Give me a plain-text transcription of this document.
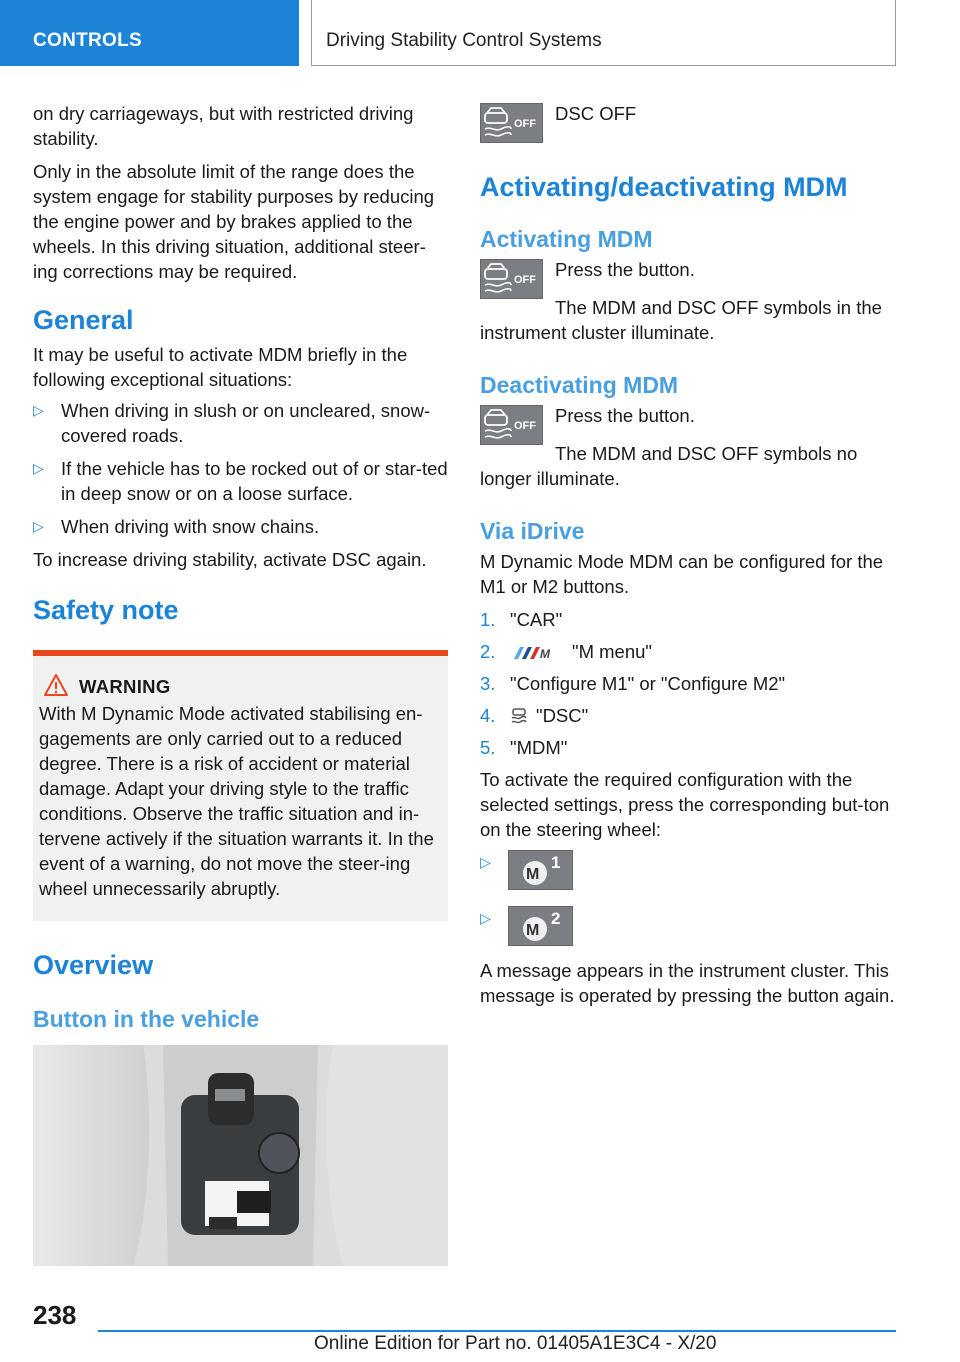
CONTROLS	Driving Stability Control Systems

on dry carriageways, but with restricted driving stability.

Only in the absolute limit of the range does the system engage for stability purposes by reducing the engine power and by brakes applied to the wheels. In this driving situation, additional steer-ing corrections may be required.

General

It may be useful to activate MDM briefly in the following exceptional situations:

▷ When driving in slush or on uncleared, snow-covered roads.
▷ If the vehicle has to be rocked out of or star-ted in deep snow or on a loose surface.
▷ When driving with snow chains.

To increase driving stability, activate DSC again.

Safety note
WARNING
With M Dynamic Mode activated stabilising en-gagements are only carried out to a reduced degree. There is a risk of accident or material damage. Adapt your driving style to the traffic conditions. Observe the traffic situation and in-tervene actively if the situation warrants it. In the event of a warning, do not move the steer-ing wheel unnecessarily abruptly.
Overview
Button in the vehicle
OFF DSC OFF
Activating/deactivating MDM
Activating MDM
OFF Press the button.

The MDM and DSC OFF symbols in the instrument cluster illuminate.

Deactivating MDM
OFF Press the button.

The MDM and DSC OFF symbols no longer illuminate.

Via iDrive

M Dynamic Mode MDM can be configured for the M1 or M2 buttons.

1. "CAR"
2.	M "M menu"
3. "Configure M1" or "Configure M2"
4. "DSC"
5. "MDM"

To activate the required configuration with the selected settings, press the corresponding but-ton on the steering wheel:

▷
M
1
▷
M
2

A message appears in the instrument cluster. This message is operated by pressing the button again.

238
Online Edition for Part no. 01405A1E3C4 - X/20
